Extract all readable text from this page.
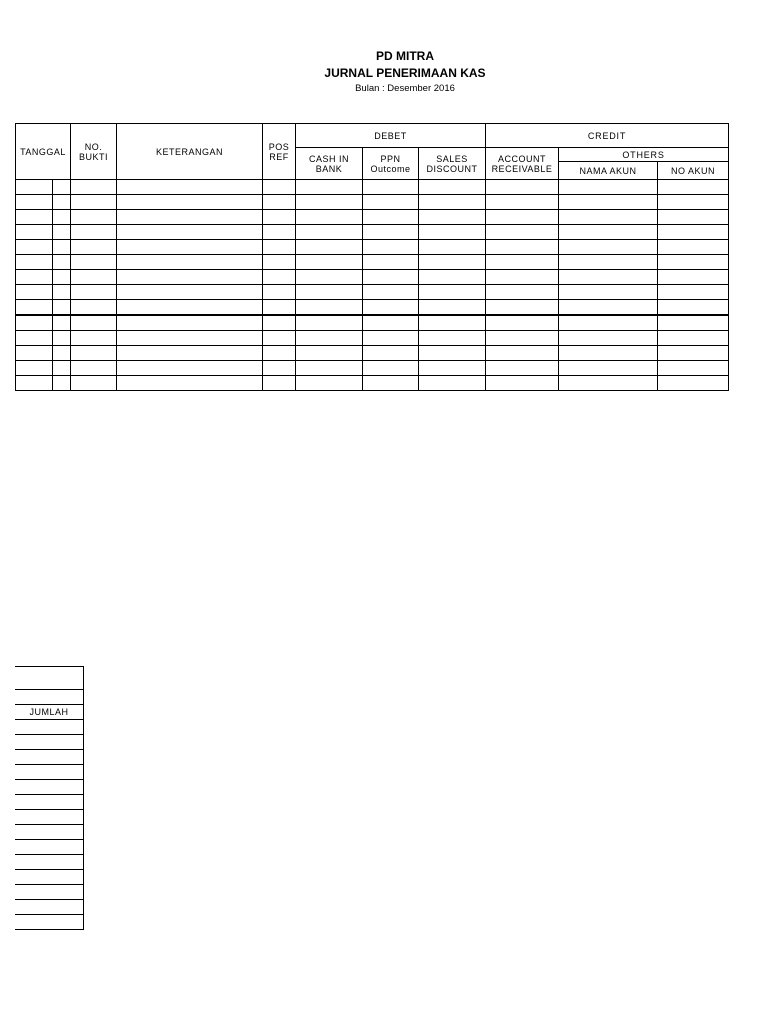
PD MITRA
JURNAL PENERIMAAN KAS
Bulan : Desember 2016
TANGGAL		NO. BUKTI	KETERANGAN	POS REF	DEBET			CREDIT		
					CASH IN BANK	PPN Outcome	SALES DISCOUNT	ACCOUNT RECEIVABLE	OTHERS	
									NAMA AKUN	NO AKUN

JUMLAH
